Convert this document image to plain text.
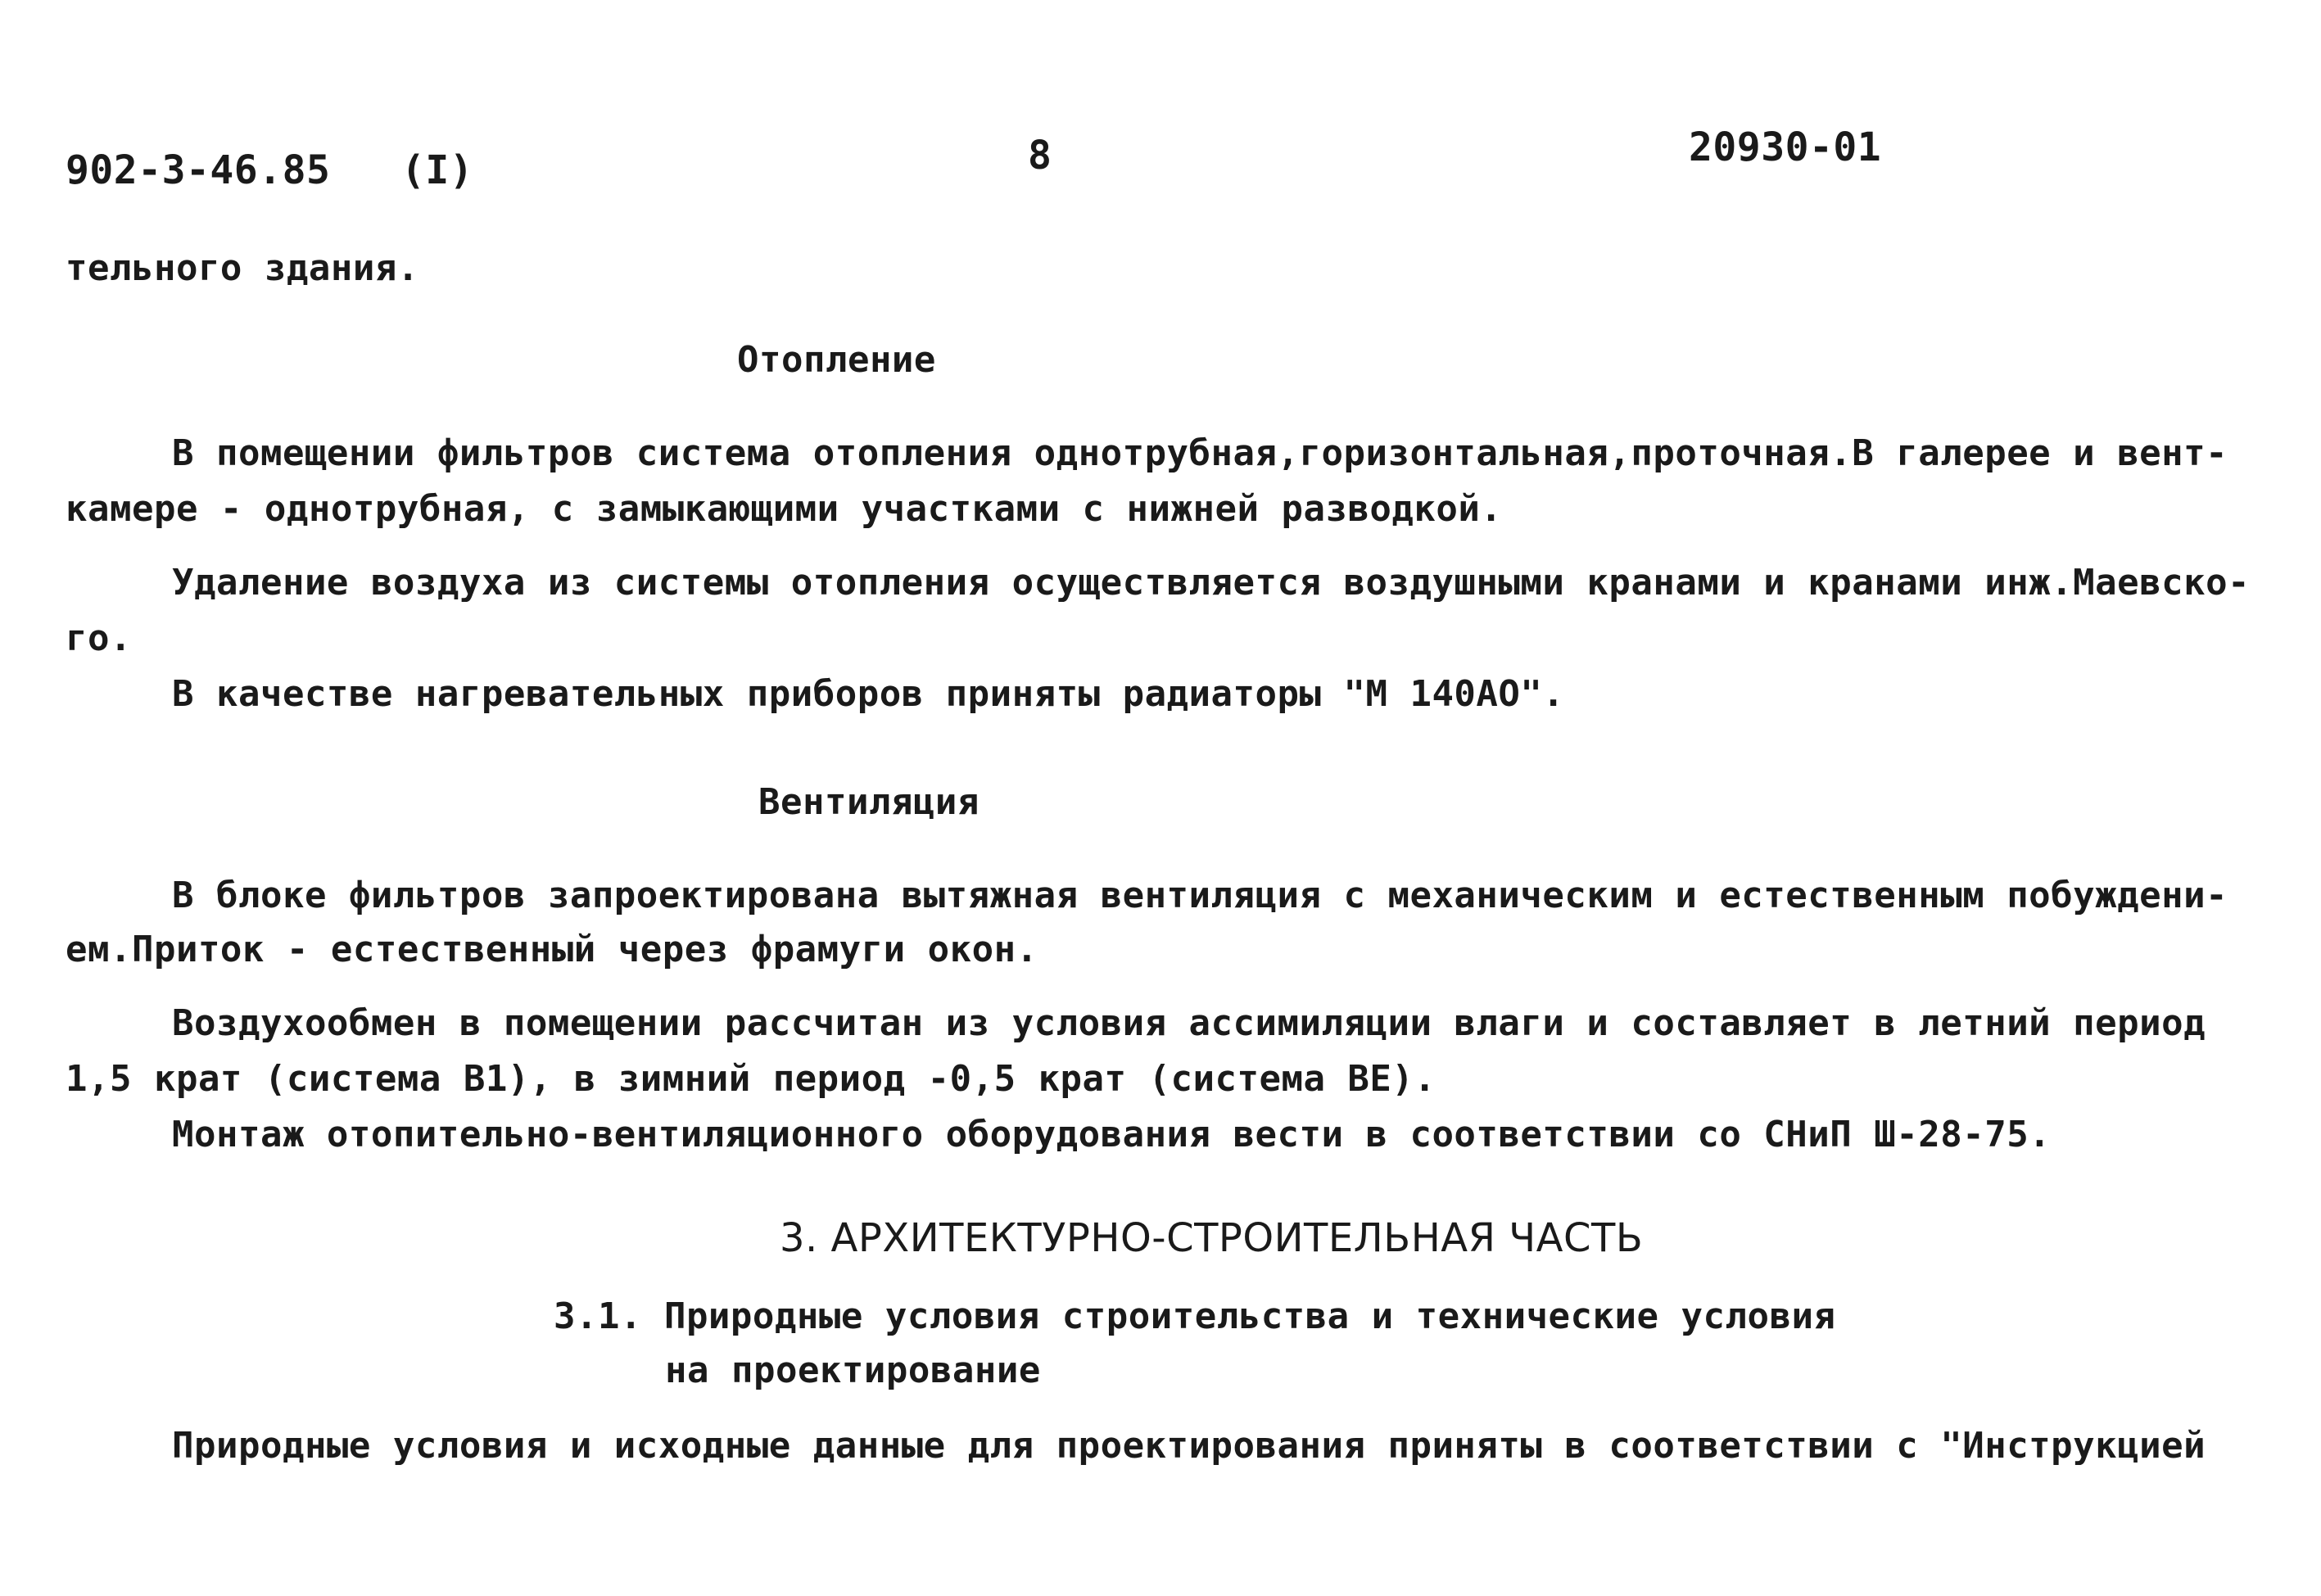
902-3-46.85 (I)	8	20930-01
тельного здания.
Отопление
В помещении фильтров система отопления однотрубная,горизонтальная,проточная.В галерее и вент-
камере - однотрубная, с замыкающими участками с нижней разводкой.
Удаление воздуха из системы отопления осуществляется воздушными кранами и кранами инж.Маевско-
го.
В качестве нагревательных приборов приняты радиаторы "М 140АО".
Вентиляция
В блоке фильтров запроектирована вытяжная вентиляция с механическим и естественным побуждени-
ем.Приток - естественный через фрамуги окон.
Воздухообмен в помещении рассчитан из условия ассимиляции влаги и составляет в летний период
1,5 крат (система В1), в зимний период -0,5 крат (система ВЕ).
Монтаж отопительно-вентиляционного оборудования вести в соответствии со СНиП Ш-28-75.
3. АРХИТЕКТУРНО-СТРОИТЕЛЬНАЯ ЧАСТЬ
3.1. Природные условия строительства и технические условия
на проектирование
Природные условия и исходные данные для проектирования приняты в соответствии с "Инструкцией
